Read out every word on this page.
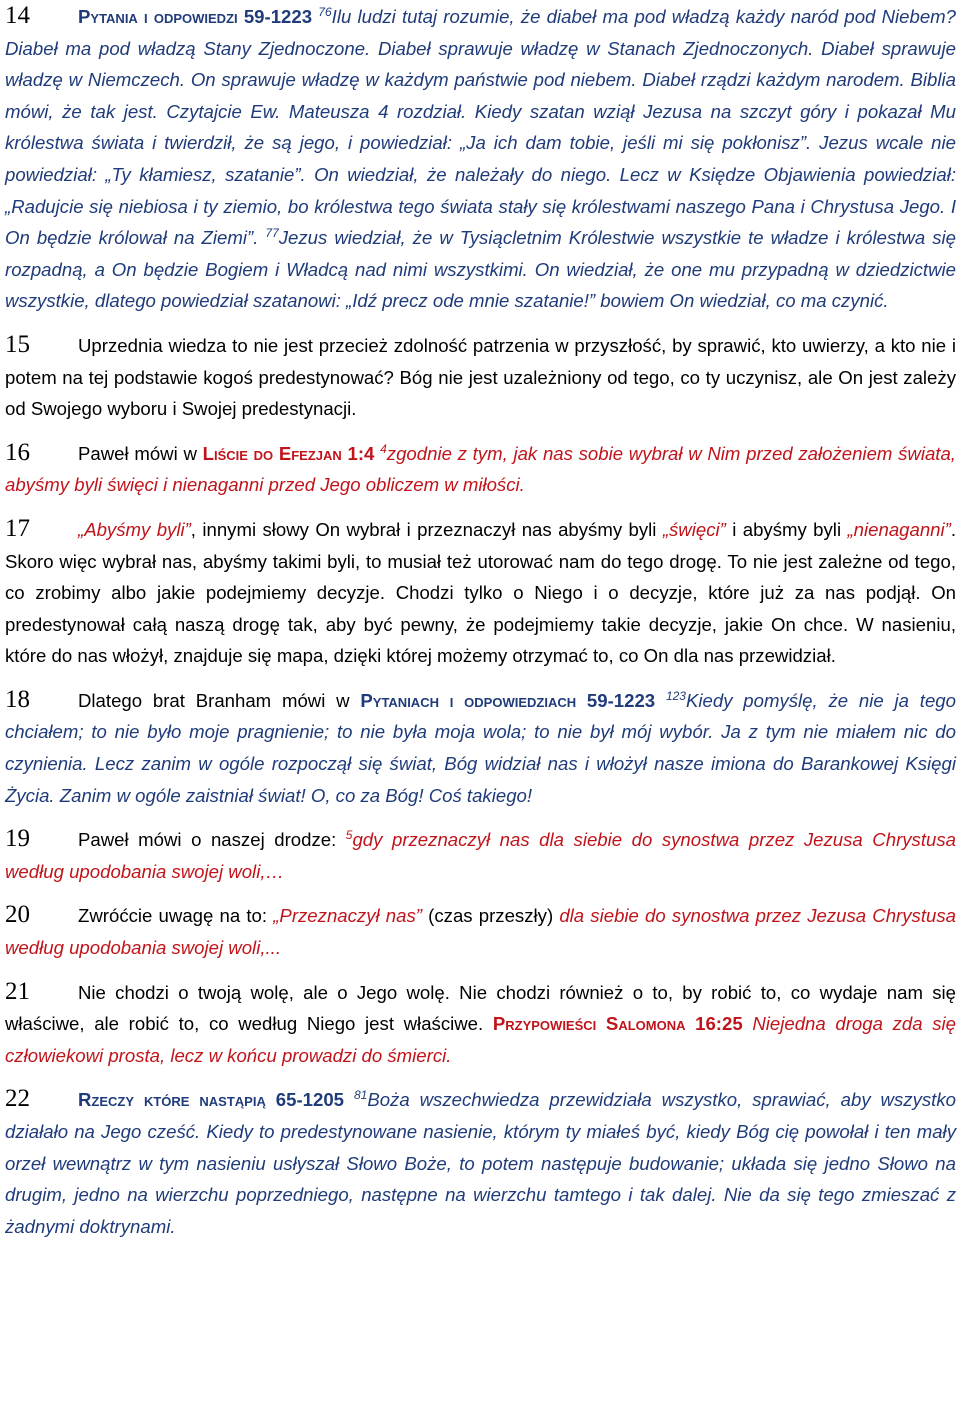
14	Pytania i odpowiedzi 59-1223 $^{76}$Ilu ludzi tutaj rozumie, że diabeł ma pod władzą każdy naród pod Niebem? Diabeł ma pod władzą Stany Zjednoczone. Diabeł sprawuje władzę w Stanach Zjednoczonych. Diabeł sprawuje władzę w Niemczech. On sprawuje władzę w każdym państwie pod niebem. Diabeł rządzi każdym narodem. Biblia mówi, że tak jest. Czytajcie Ew. Mateusza 4 rozdział. Kiedy szatan wziął Jezusa na szczyt góry i pokazał Mu królestwa świata i twierdził, że są jego, i powiedział: „Ja ich dam tobie, jeśli mi się pokłonisz”. Jezus wcale nie powiedział: „Ty kłamiesz, szatanie”. On wiedział, że należały do niego. Lecz w Księdze Objawienia powiedział: „Radujcie się niebiosa i ty ziemio, bo królestwa tego świata stały się królestwami naszego Pana i Chrystusa Jego. I On będzie królował na Ziemi”. $^{77}$Jezus wiedział, że w Tysiącletnim Królestwie wszystkie te władze i królestwa się rozpadną, a On będzie Bogiem i Władcą nad nimi wszystkimi. On wiedział, że one mu przypadną w dziedzictwie wszystkie, dlatego powiedział szatanowi: „Idź precz ode mnie szatanie!” bowiem On wiedział, co ma czynić.
15	Uprzednia wiedza to nie jest przecież zdolność patrzenia w przyszłość, by sprawić, kto uwierzy, a kto nie i potem na tej podstawie kogoś predestynować? Bóg nie jest uzależniony od tego, co ty uczynisz, ale On jest zależy od Swojego wyboru i Swojej predestynacji.
16	Paweł mówi w Liście do Efezjan 1:4 $^4$zgodnie z tym, jak nas sobie wybrał w Nim przed założeniem świata, abyśmy byli święci i nienaganni przed Jego obliczem w miłości.
17	„Abyśmy byli”, innymi słowy On wybrał i przeznaczył nas abyśmy byli „święci” i abyśmy byli „nienaganni”. Skoro więc wybrał nas, abyśmy takimi byli, to musiał też utorować nam do tego drogę. To nie jest zależne od tego, co zrobimy albo jakie podejmiemy decyzje. Chodzi tylko o Niego i o decyzje, które już za nas podjął. On predestynował całą naszą drogę tak, aby być pewny, że podejmiemy takie decyzje, jakie On chce. W nasieniu, które do nas włożył, znajduje się mapa, dzięki której możemy otrzymać to, co On dla nas przewidział.
18	Dlatego brat Branham mówi w Pytaniach i odpowiedziach 59-1223 $^{123}$Kiedy pomyślę, że nie ja tego chciałem; to nie było moje pragnienie; to nie była moja wola; to nie był mój wybór. Ja z tym nie miałem nic do czynienia. Lecz zanim w ogóle rozpoczął się świat, Bóg widział nas i włożył nasze imiona do Barankowej Księgi Życia. Zanim w ogóle zaistniał świat! O, co za Bóg! Coś takiego!
19	Paweł mówi o naszej drodze: $^5$gdy przeznaczył nas dla siebie do synostwa przez Jezusa Chrystusa według upodobania swojej woli,…
20	Zwróćcie uwagę na to: „Przeznaczył nas” (czas przeszły) dla siebie do synostwa przez Jezusa Chrystusa według upodobania swojej woli,...
21	Nie chodzi o twoją wolę, ale o Jego wolę. Nie chodzi również o to, by robić to, co wydaje nam się właściwe, ale robić to, co według Niego jest właściwe. Przypowieści Salomona 16:25 Niejedna droga zda się człowiekowi prosta, lecz w końcu prowadzi do śmierci.
22	Rzeczy które nastąpią 65-1205 $^{81}$Boża wszechwiedza przewidziała wszystko, sprawiać, aby wszystko działało na Jego cześć. Kiedy to predestynowane nasienie, którym ty miałeś być, kiedy Bóg cię powołał i ten mały orzeł wewnątrz w tym nasieniu usłyszał Słowo Boże, to potem następuje budowanie; układa się jedno Słowo na drugim, jedno na wierzchu poprzedniego, następne na wierzchu tamtego i tak dalej. Nie da się tego zmieszać z żadnymi doktrynami.
